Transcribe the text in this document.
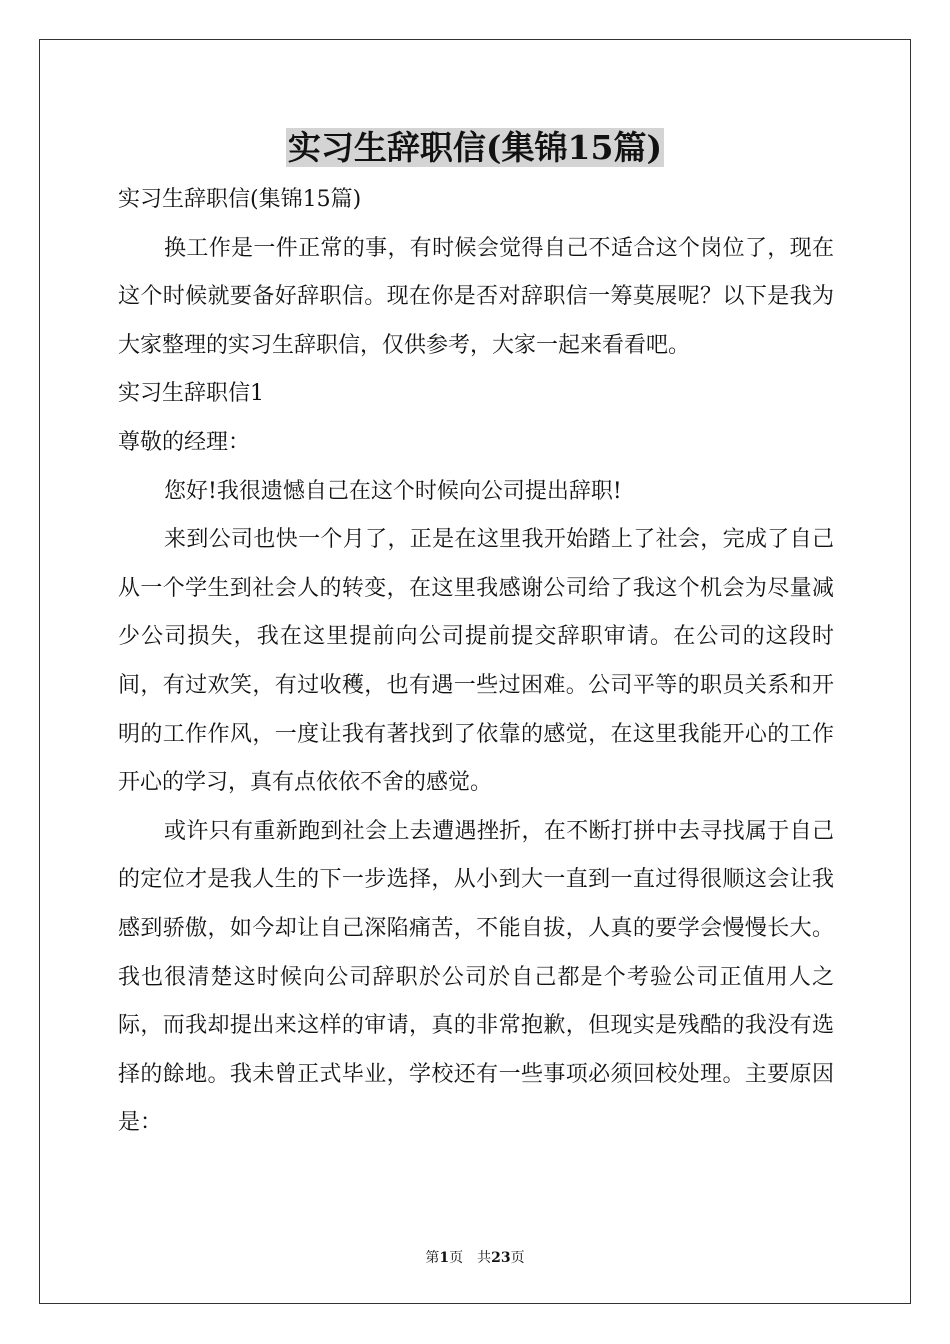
实习生辞职信(集锦15篇)

实习生辞职信(集锦15篇)

换工作是一件正常的事，有时候会觉得自己不适合这个岗位了，现在这个时候就要备好辞职信。现在你是否对辞职信一筹莫展呢？以下是我为大家整理的实习生辞职信，仅供参考，大家一起来看看吧。

实习生辞职信1

尊敬的经理：

您好!我很遗憾自己在这个时候向公司提出辞职!

来到公司也快一个月了，正是在这里我开始踏上了社会，完成了自己从一个学生到社会人的转变，在这里我感谢公司给了我这个机会为尽量减少公司损失，我在这里提前向公司提前提交辞职审请。在公司的这段时间，有过欢笑，有过收穫，也有遇一些过困难。公司平等的职员关系和开明的工作作风，一度让我有著找到了依靠的感觉，在这里我能开心的工作开心的学习，真有点依依不舍的感觉。

或许只有重新跑到社会上去遭遇挫折，在不断打拼中去寻找属于自己的定位才是我人生的下一步选择，从小到大一直到一直过得很顺这会让我感到骄傲，如今却让自己深陷痛苦，不能自拔，人真的要学会慢慢长大。我也很清楚这时候向公司辞职於公司於自己都是个考验公司正值用人之际，而我却提出来这样的审请，真的非常抱歉，但现实是残酷的我没有选择的餘地。我未曾正式毕业，学校还有一些事项必须回校处理。主要原因是：

第1页 共23页
